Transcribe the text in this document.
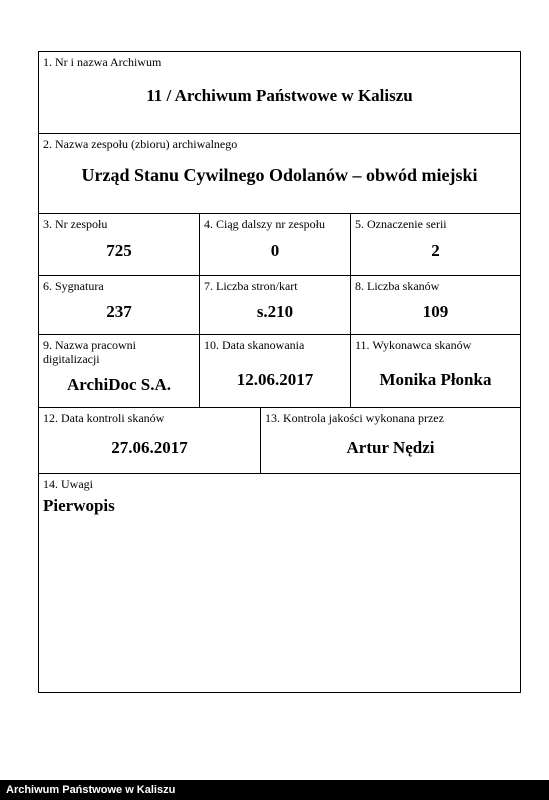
1. Nr i nazwa Archiwum
11 / Archiwum Państwowe w Kaliszu
2. Nazwa zespołu (zbioru) archiwalnego
Urząd Stanu Cywilnego Odolanów – obwód miejski
3. Nr zespołu
725
4. Ciąg dalszy nr zespołu
0
5. Oznaczenie serii
2
6. Sygnatura
237
7. Liczba stron/kart
s.210
8. Liczba skanów
109
9. Nazwa pracowni
digitalizacji
ArchiDoc S.A.
10. Data skanowania
12.06.2017
11. Wykonawca skanów
Monika Płonka
12. Data kontroli skanów
27.06.2017
13. Kontrola jakości wykonana przez
Artur Nędzi
14. Uwagi
Pierwopis
Archiwum Państwowe w Kaliszu
